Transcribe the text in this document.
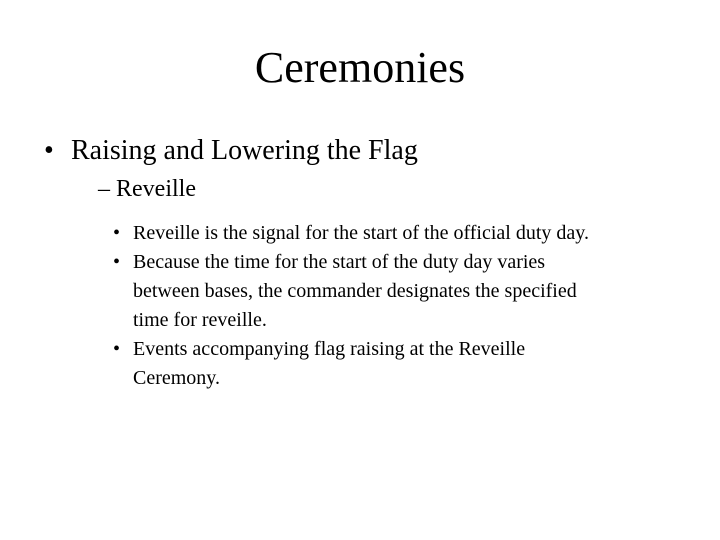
Ceremonies
• Raising and Lowering the Flag
– Reveille
• Reveille is the signal for the start of the official duty day.
• Because the time for the start of the duty day varies
between bases, the commander designates the specified
time for reveille.
• Events accompanying flag raising at the Reveille
Ceremony.
